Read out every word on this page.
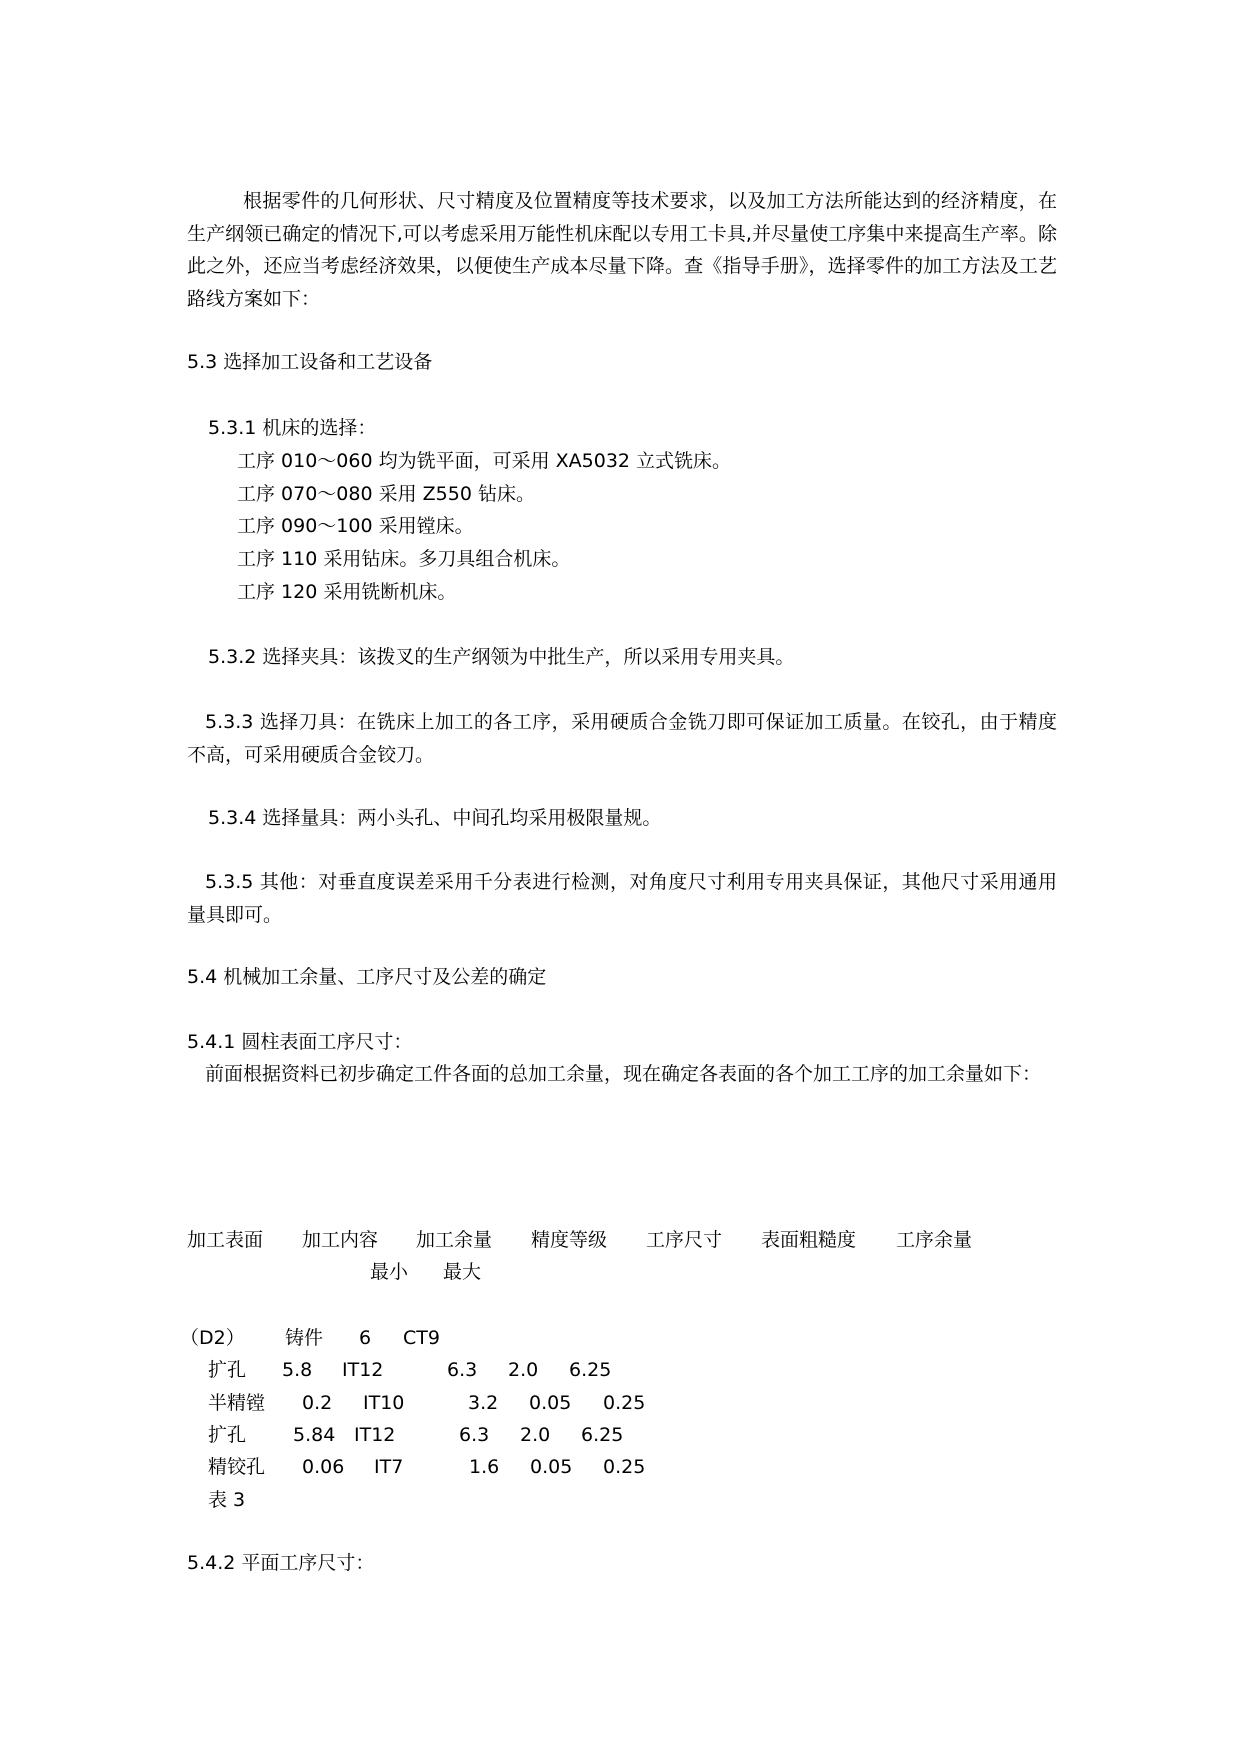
根据零件的几何形状、尺寸精度及位置精度等技术要求，以及加工方法所能达到的经济精度，在生产纲领已确定的情况下,可以考虑采用万能性机床配以专用工卡具,并尽量使工序集中来提高生产率。除此之外，还应当考虑经济效果，以便使生产成本尽量下降。查《指导手册》，选择零件的加工方法及工艺路线方案如下：

5.3 选择加工设备和工艺设备
5.3.1 机床的选择：
工序 010～060 均为铣平面，可采用 XA5032 立式铣床。
工序 070～080 采用 Z550 钻床。
工序 090～100 采用镗床。
工序 110 采用钻床。多刀具组合机床。
工序 120 采用铣断机床。
5.3.2 选择夹具：该拨叉的生产纲领为中批生产，所以采用专用夹具。

5.3.3 选择刀具：在铣床上加工的各工序，采用硬质合金铣刀即可保证加工质量。在铰孔，由于精度不高，可采用硬质合金铰刀。

5.3.4 选择量具：两小头孔、中间孔均采用极限量规。

5.3.5 其他：对垂直度误差采用千分表进行检测，对角度尺寸利用专用夹具保证，其他尺寸采用通用量具即可。

5.4 机械加工余量、工序尺寸及公差的确定
5.4.1 圆柱表面工序尺寸：

前面根据资料已初步确定工件各面的总加工余量，现在确定各表面的各个加工工序的加工余量如下：

加工表面 加工内容 加工余量 精度等级 工序尺寸 表面粗糙度 工序余量
最小 最大
（D2） 铸件 6 CT9
扩孔 5.8 IT12	6.3 2.0 6.25
半精镗 0.2 IT10	3.2 0.05 0.25
扩孔 5.84 IT12	6.3 2.0 6.25
精铰孔 0.06 IT7	1.6 0.05 0.25
表 3
5.4.2 平面工序尺寸：
